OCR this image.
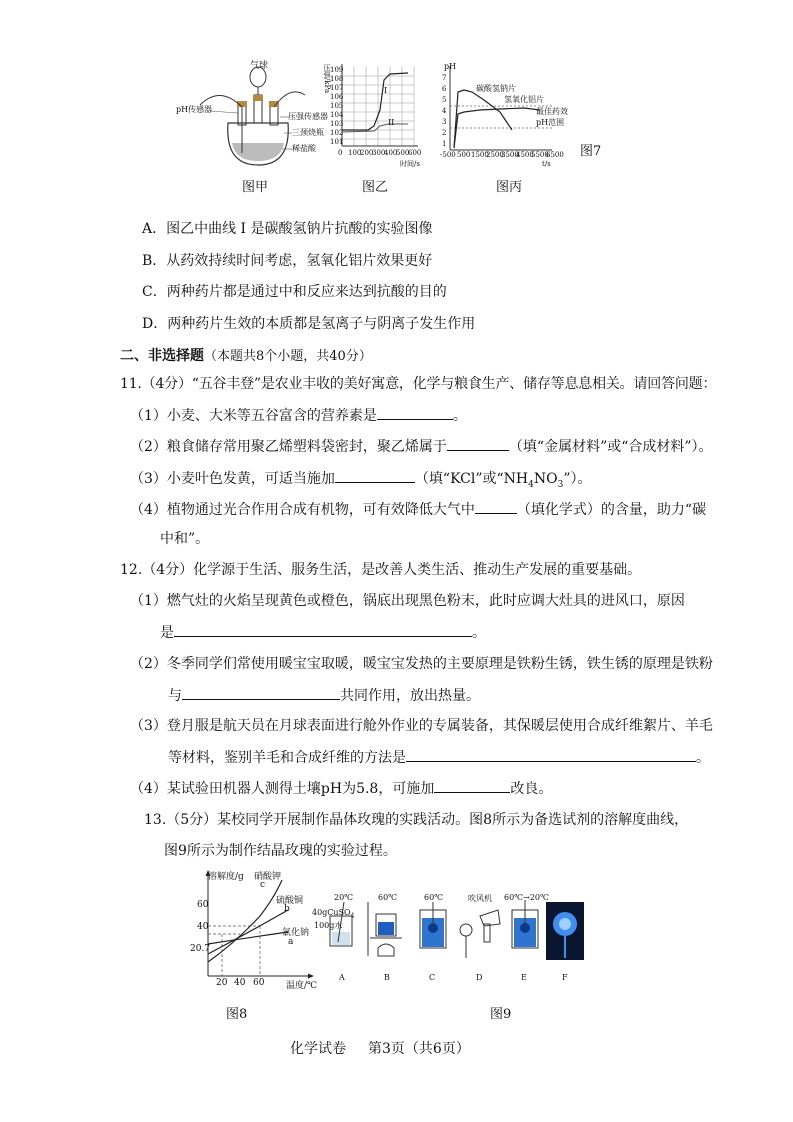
气球
pH传感器
压强传感器
三颈烧瓶
稀盐酸
图甲
压强/kPa 109
108
107
106
105
104
103
102
101
0 100
200
300
400
500
600
时间/s
I
II
图乙
pH
7
6
5
4
3
2
1
-500 500 1500
2500
3500
4500
5500
6500
t/s
碳酸氢钠片
氢氧化铝片
最佳药效
pH范围
图丙
图7
A．图乙中曲线 I 是碳酸氢钠片抗酸的实验图像
B．从药效持续时间考虑，氢氧化铝片效果更好
C．两种药片都是通过中和反应来达到抗酸的目的
D．两种药片生效的本质都是氢离子与阴离子发生作用
二、非选择题（本题共8个小题，共40分）
11.（4分）“五谷丰登”是农业丰收的美好寓意，化学与粮食生产、储存等息息相关。请回答问题：
（1）小麦、大米等五谷富含的营养素是	。
（2）粮食储存常用聚乙烯塑料袋密封，聚乙烯属于	（填“金属材料”或“合成材料”）。
（3）小麦叶色发黄，可适当施加	（填“KCl”或“$NH_4NO_3$”）。
（4）植物通过光合作用合成有机物，可有效降低大气中	（填化学式）的含量，助力“碳
中和”。
12.（4分）化学源于生活、服务生活，是改善人类生活、推动生产发展的重要基础。
（1）燃气灶的火焰呈现黄色或橙色，锅底出现黑色粉末，此时应调大灶具的进风口，原因
是	。
（2）冬季同学们常使用暖宝宝取暖，暖宝宝发热的主要原理是铁粉生锈，铁生锈的原理是铁粉
与	共同作用，放出热量。
（3）登月服是航天员在月球表面进行舱外作业的专属装备，其保暖层使用合成纤维絮片、羊毛
等材料，鉴别羊毛和合成纤维的方法是	。
（4）某试验田机器人测得土壤pH为5.8，可施加	改良。
13.（5分）某校同学开展制作晶体玫瑰的实践活动。图8所示为备选试剂的溶解度曲线，
图9所示为制作结晶玫瑰的实验过程。
溶解度/g 硝酸钾
c
硫酸铜
b
氯化钠
a
60
40
20.7
20 40 60 温度/℃
图8
20℃
40gCuSO$_4$
100g水
60℃	60℃	吹风机 60℃→20℃
A	B	C	D	E	F
图9
化学试卷 第3页（共6页）
